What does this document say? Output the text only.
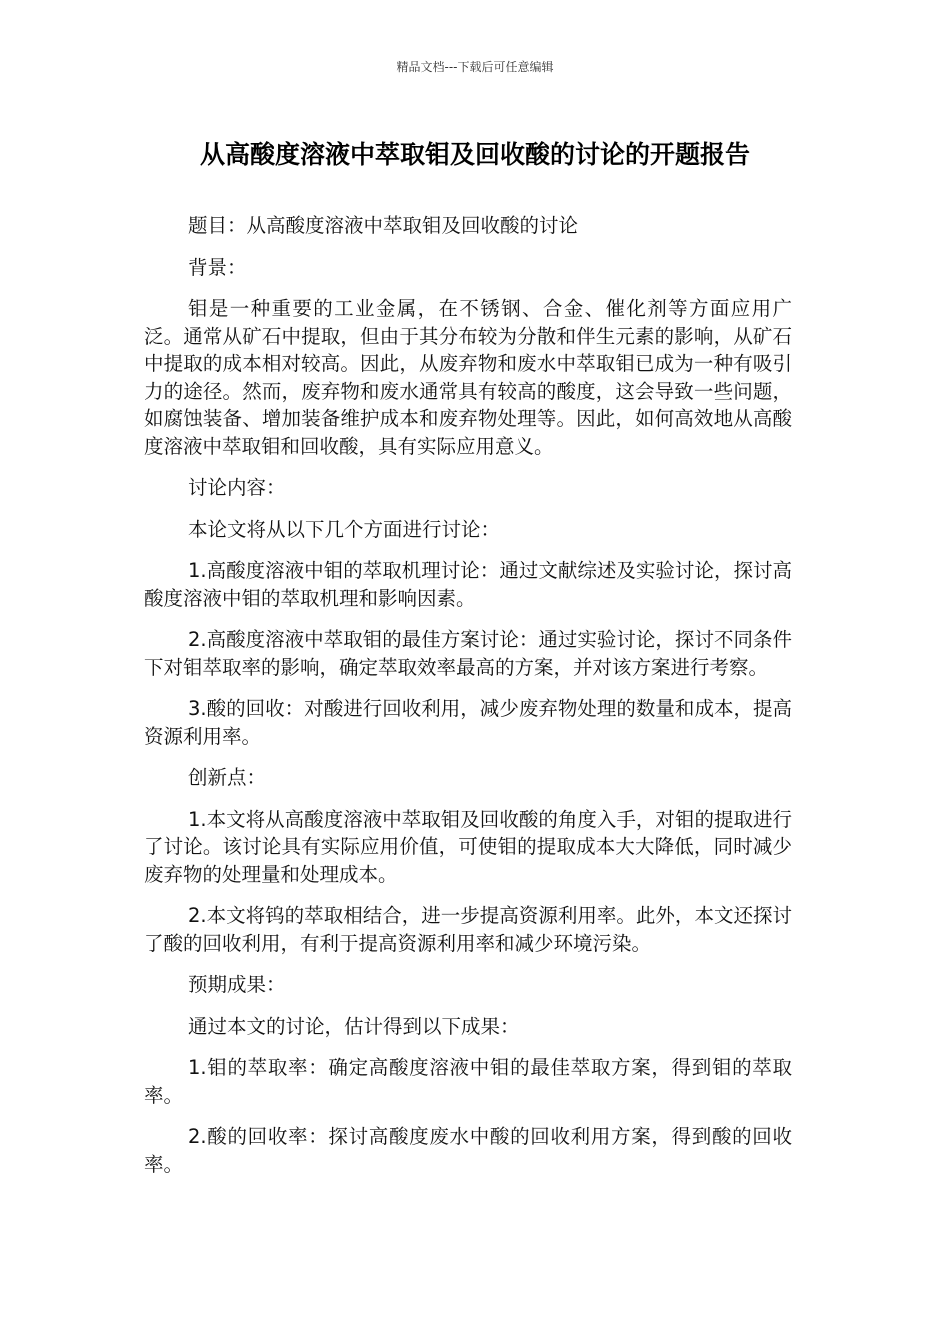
精品文档---下载后可任意编辑
从高酸度溶液中萃取钼及回收酸的讨论的开题报告

题目：从高酸度溶液中萃取钼及回收酸的讨论

背景：

钼是一种重要的工业金属，在不锈钢、合金、催化剂等方面应用广泛。通常从矿石中提取，但由于其分布较为分散和伴生元素的影响，从矿石中提取的成本相对较高。因此，从废弃物和废水中萃取钼已成为一种有吸引力的途径。然而，废弃物和废水通常具有较高的酸度，这会导致一些问题，如腐蚀装备、增加装备维护成本和废弃物处理等。因此，如何高效地从高酸度溶液中萃取钼和回收酸，具有实际应用意义。

讨论内容：

本论文将从以下几个方面进行讨论：

1.高酸度溶液中钼的萃取机理讨论：通过文献综述及实验讨论，探讨高酸度溶液中钼的萃取机理和影响因素。

2.高酸度溶液中萃取钼的最佳方案讨论：通过实验讨论，探讨不同条件下对钼萃取率的影响，确定萃取效率最高的方案，并对该方案进行考察。

3.酸的回收：对酸进行回收利用，减少废弃物处理的数量和成本，提高资源利用率。

创新点：

1.本文将从高酸度溶液中萃取钼及回收酸的角度入手，对钼的提取进行了讨论。该讨论具有实际应用价值，可使钼的提取成本大大降低，同时减少废弃物的处理量和处理成本。

2.本文将钨的萃取相结合，进一步提高资源利用率。此外，本文还探讨了酸的回收利用，有利于提高资源利用率和减少环境污染。

预期成果：

通过本文的讨论，估计得到以下成果：

1.钼的萃取率：确定高酸度溶液中钼的最佳萃取方案，得到钼的萃取率。

2.酸的回收率：探讨高酸度废水中酸的回收利用方案，得到酸的回收率。
